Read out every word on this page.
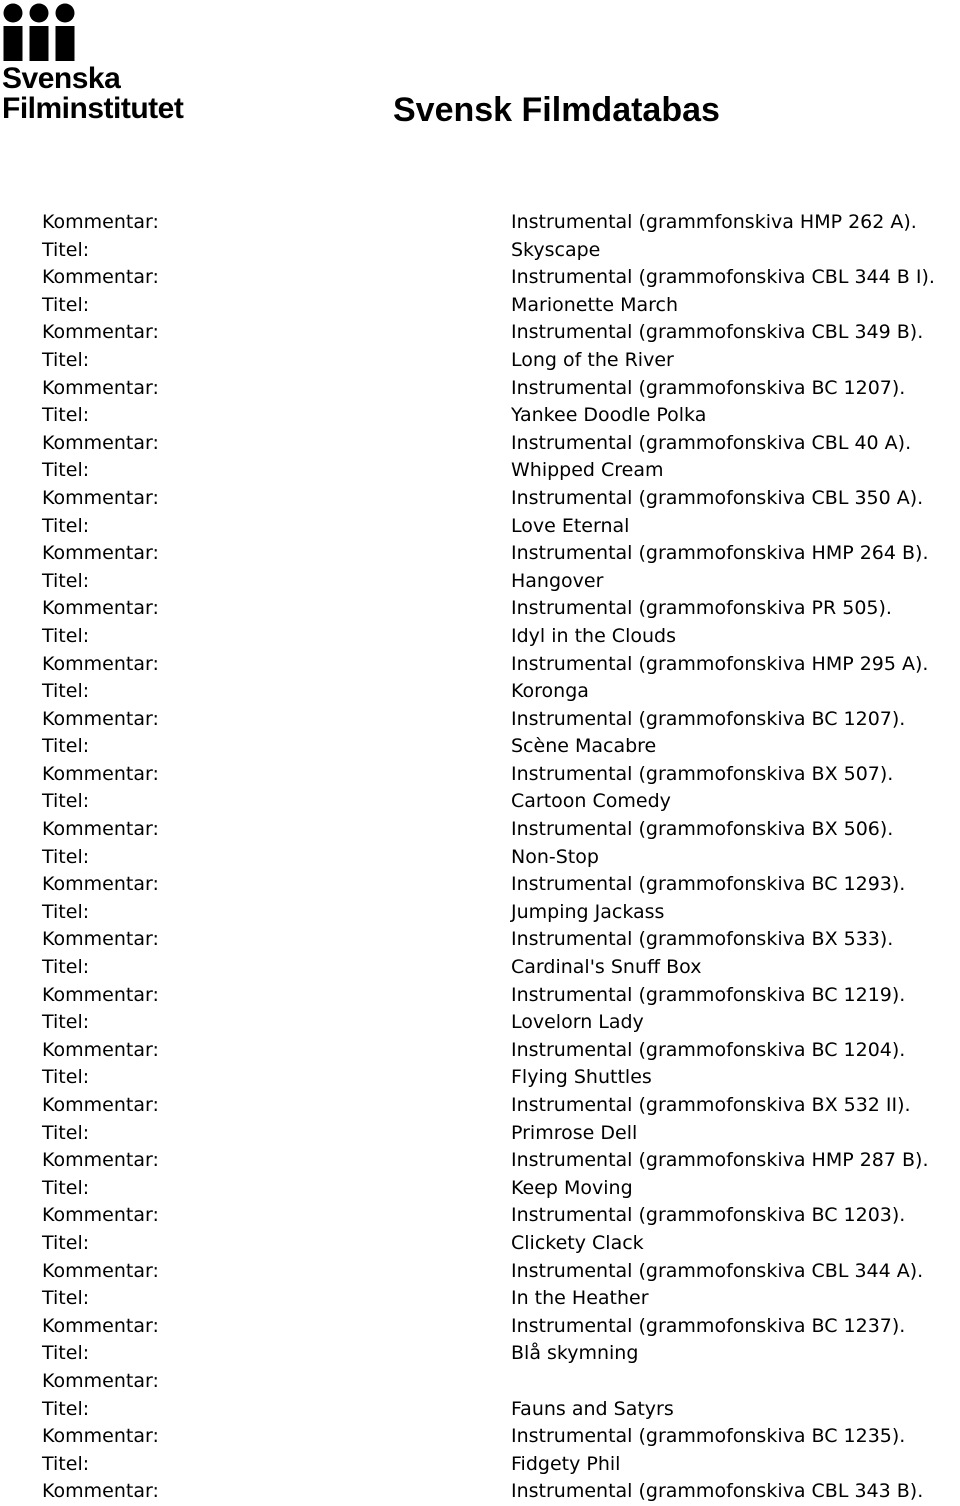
Svenska
Filminstitutet	Svensk Filmdatabas
Kommentar:	Instrumental (grammfonskiva HMP 262 A).
Titel:	Skyscape
Kommentar:	Instrumental (grammofonskiva CBL 344 B I).
Titel:	Marionette March
Kommentar:	Instrumental (grammofonskiva CBL 349 B).
Titel:	Long of the River
Kommentar:	Instrumental (grammofonskiva BC 1207).
Titel:	Yankee Doodle Polka
Kommentar:	Instrumental (grammofonskiva CBL 40 A).
Titel:	Whipped Cream
Kommentar:	Instrumental (grammofonskiva CBL 350 A).
Titel:	Love Eternal
Kommentar:	Instrumental (grammofonskiva HMP 264 B).
Titel:	Hangover
Kommentar:	Instrumental (grammofonskiva PR 505).
Titel:	Idyl in the Clouds
Kommentar:	Instrumental (grammofonskiva HMP 295 A).
Titel:	Koronga
Kommentar:	Instrumental (grammofonskiva BC 1207).
Titel:	Scène Macabre
Kommentar:	Instrumental (grammofonskiva BX 507).
Titel:	Cartoon Comedy
Kommentar:	Instrumental (grammofonskiva BX 506).
Titel:	Non-Stop
Kommentar:	Instrumental (grammofonskiva BC 1293).
Titel:	Jumping Jackass
Kommentar:	Instrumental (grammofonskiva BX 533).
Titel:	Cardinal's Snuff Box
Kommentar:	Instrumental (grammofonskiva BC 1219).
Titel:	Lovelorn Lady
Kommentar:	Instrumental (grammofonskiva BC 1204).
Titel:	Flying Shuttles
Kommentar:	Instrumental (grammofonskiva BX 532 II).
Titel:	Primrose Dell
Kommentar:	Instrumental (grammofonskiva HMP 287 B).
Titel:	Keep Moving
Kommentar:	Instrumental (grammofonskiva BC 1203).
Titel:	Clickety Clack
Kommentar:	Instrumental (grammofonskiva CBL 344 A).
Titel:	In the Heather
Kommentar:	Instrumental (grammofonskiva BC 1237).
Titel:	Blå skymning
Kommentar:
Titel:	Fauns and Satyrs
Kommentar:	Instrumental (grammofonskiva BC 1235).
Titel:	Fidgety Phil
Kommentar:	Instrumental (grammofonskiva CBL 343 B).
